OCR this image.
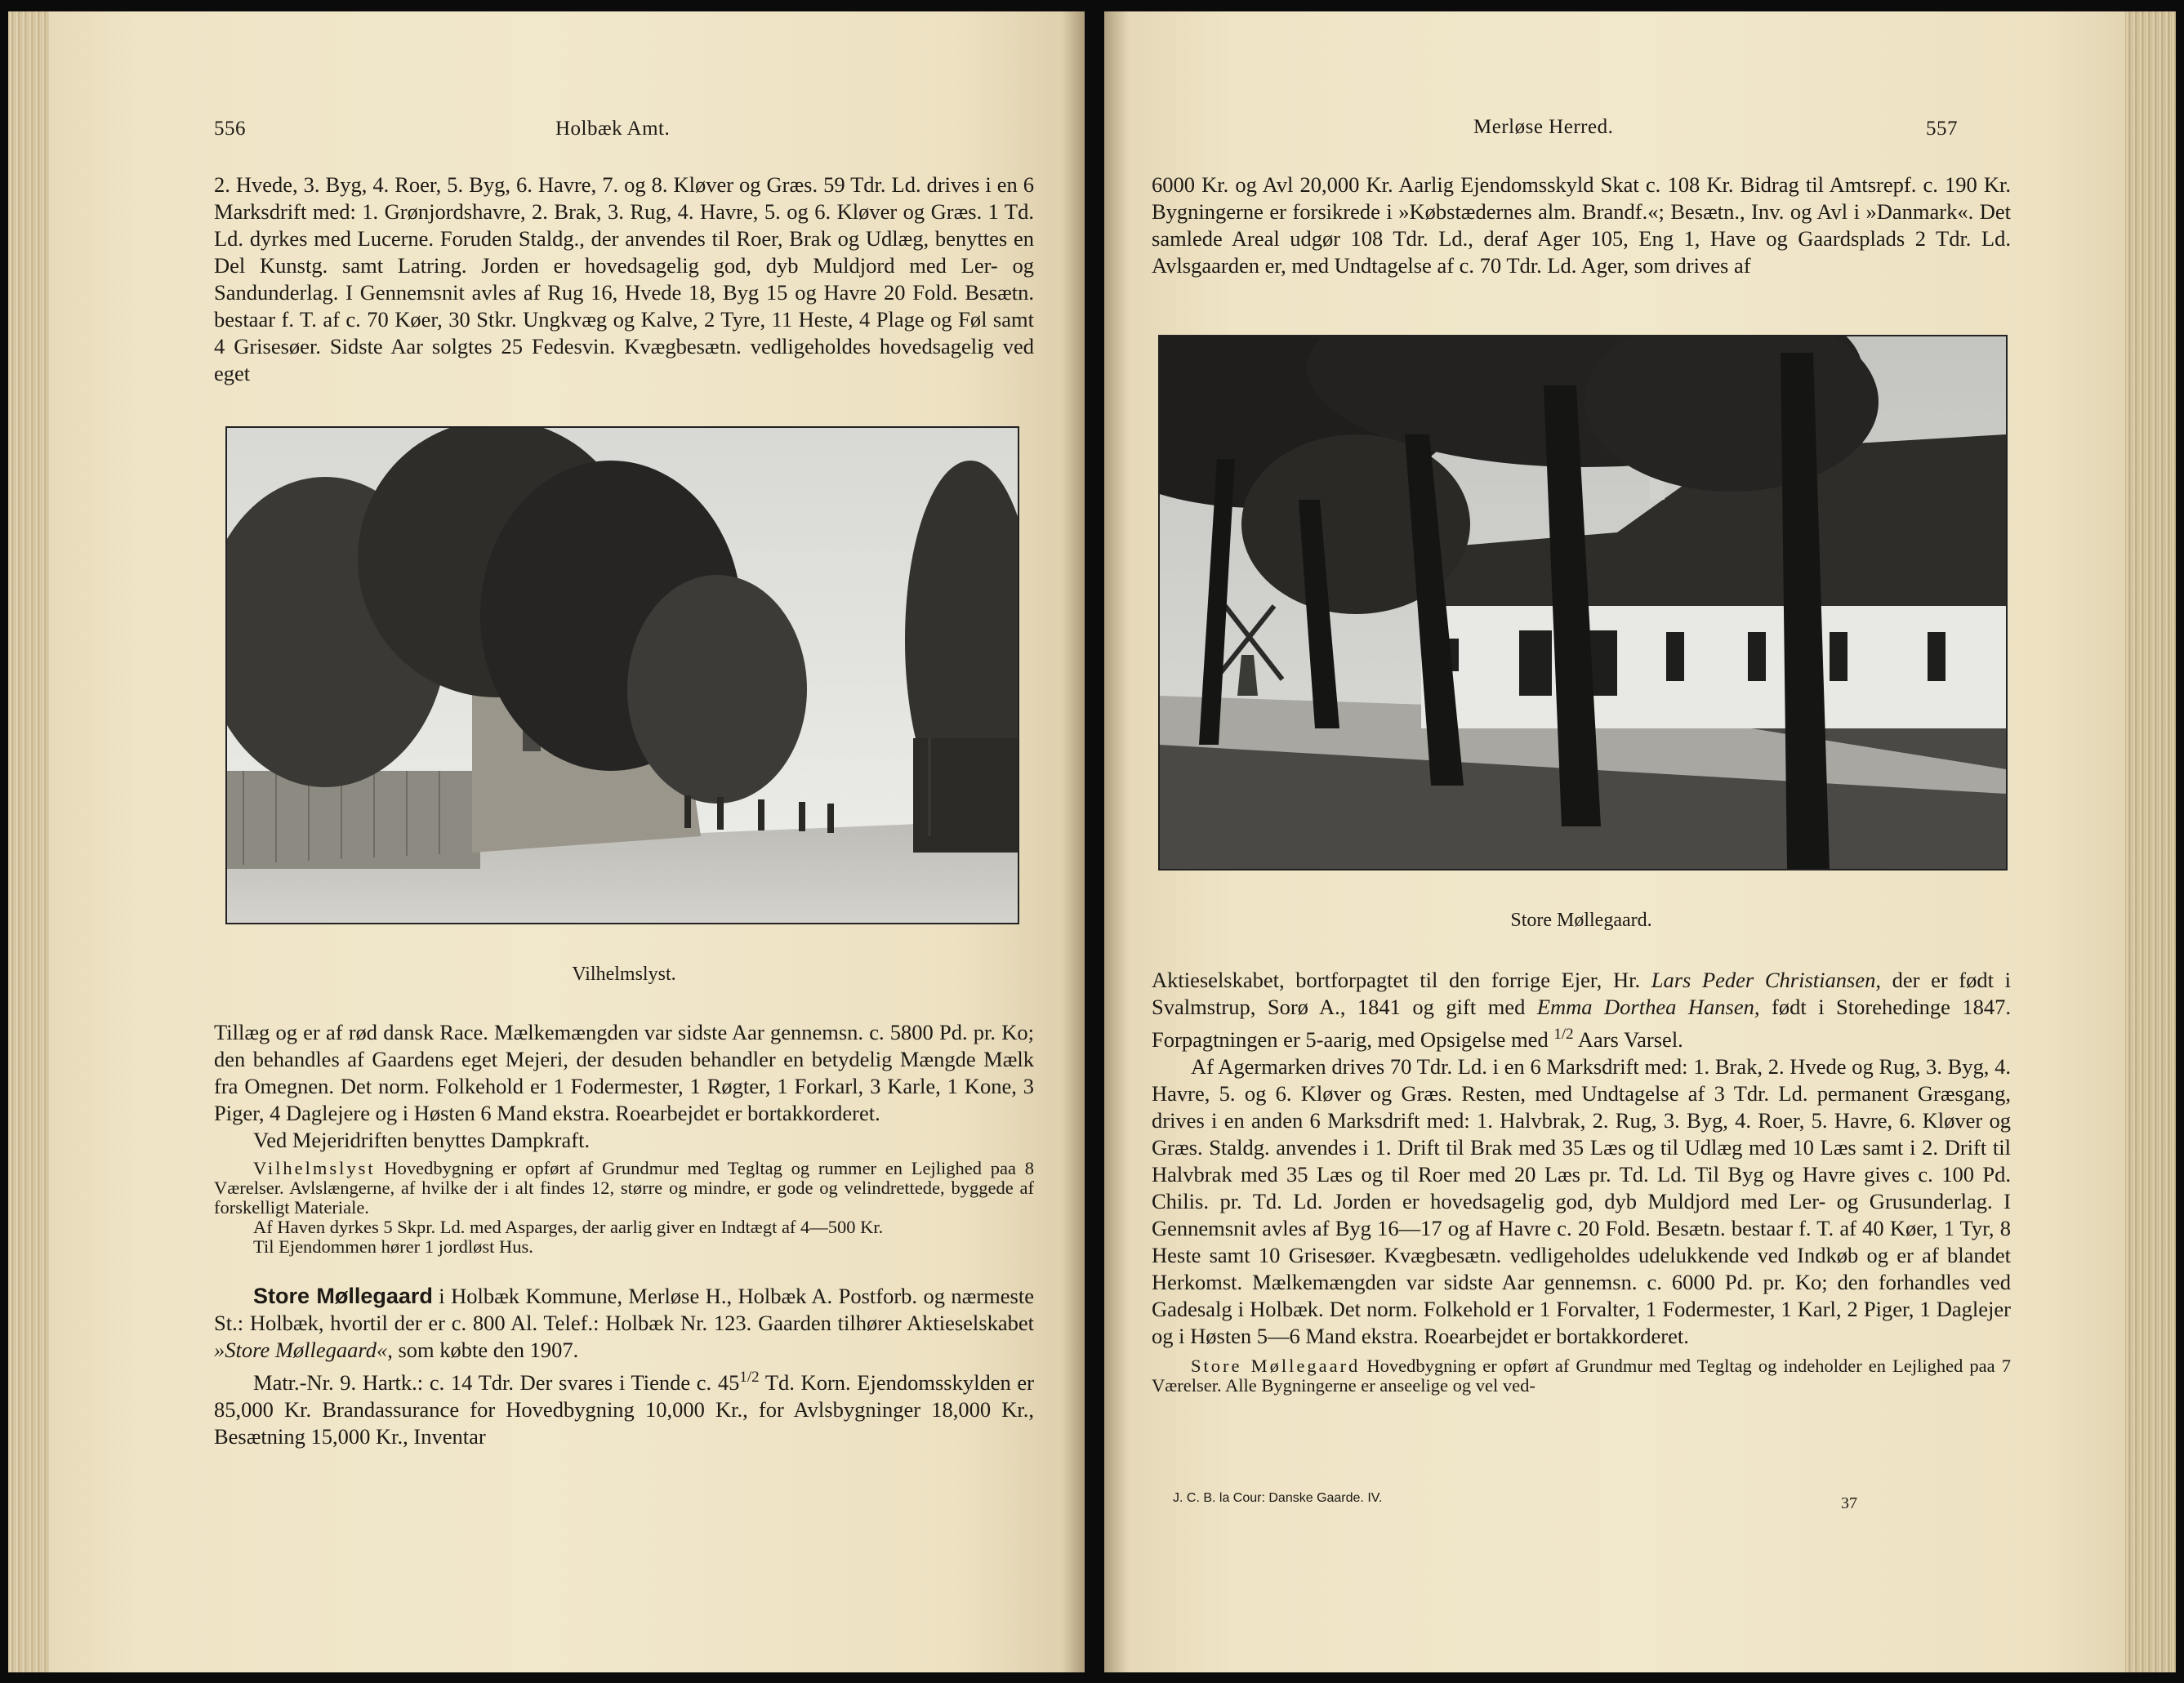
556	Holbæk Amt.

2. Hvede, 3. Byg, 4. Roer, 5. Byg, 6. Havre, 7. og 8. Kløver og Græs. 59 Tdr. Ld. drives i en 6 Marksdrift med: 1. Grønjordshavre, 2. Brak, 3. Rug, 4. Havre, 5. og 6. Kløver og Græs. 1 Td. Ld. dyrkes med Lucerne. Foruden Staldg., der anvendes til Roer, Brak og Udlæg, benyttes en Del Kunstg. samt Latring. Jorden er hovedsagelig god, dyb Muldjord med Ler- og Sandunderlag. I Gennemsnit avles af Rug 16, Hvede 18, Byg 15 og Havre 20 Fold. Besætn. bestaar f. T. af c. 70 Køer, 30 Stkr. Ungkvæg og Kalve, 2 Tyre, 11 Heste, 4 Plage og Føl samt 4 Grisesøer. Sidste Aar solgtes 25 Fedesvin. Kvægbesætn. vedligeholdes hovedsagelig ved eget

Vilhelmslyst.

Tillæg og er af rød dansk Race. Mælkemængden var sidste Aar gennemsn. c. 5800 Pd. pr. Ko; den behandles af Gaardens eget Mejeri, der desuden behandler en betydelig Mængde Mælk fra Omegnen. Det norm. Folkehold er 1 Fodermester, 1 Røgter, 1 Forkarl, 3 Karle, 1 Kone, 3 Piger, 4 Daglejere og i Høsten 6 Mand ekstra. Roearbejdet er bortakkorderet.

Ved Mejeridriften benyttes Dampkraft.

Vilhelmslyst Hovedbygning er opført af Grundmur med Tegltag og rummer en Lejlighed paa 8 Værelser. Avlslængerne, af hvilke der i alt findes 12, større og mindre, er gode og velindrettede, byggede af forskelligt Materiale.

Af Haven dyrkes 5 Skpr. Ld. med Asparges, der aarlig giver en Indtægt af 4—500 Kr.

Til Ejendommen hører 1 jordløst Hus.

Store Møllegaard i Holbæk Kommune, Merløse H., Holbæk A. Postforb. og nærmeste St.: Holbæk, hvortil der er c. 800 Al. Telef.: Holbæk Nr. 123. Gaarden tilhører Aktieselskabet »Store Møllegaard«, som købte den 1907.

Matr.-Nr. 9. Hartk.: c. 14 Tdr. Der svares i Tiende c. $45^{1/2}$ Td. Korn. Ejendomsskylden er 85,000 Kr. Brandassurance for Hovedbygning 10,000 Kr., for Avlsbygninger 18,000 Kr., Besætning 15,000 Kr., Inventar

Merløse Herred.	557

6000 Kr. og Avl 20,000 Kr. Aarlig Ejendomsskyld Skat c. 108 Kr. Bidrag til Amtsrepf. c. 190 Kr. Bygningerne er forsikrede i »Købstædernes alm. Brandf.«; Besætn., Inv. og Avl i »Danmark«. Det samlede Areal udgør 108 Tdr. Ld., deraf Ager 105, Eng 1, Have og Gaardsplads 2 Tdr. Ld. Avlsgaarden er, med Undtagelse af c. 70 Tdr. Ld. Ager, som drives af

Store Møllegaard.

Aktieselskabet, bortforpagtet til den forrige Ejer, Hr. Lars Peder Christiansen, der er født i Svalmstrup, Sorø A., 1841 og gift med Emma Dorthea Hansen, født i Storehedinge 1847. Forpagtningen er 5-aarig, med Opsigelse med $^{1/2}$ Aars Varsel.

Af Agermarken drives 70 Tdr. Ld. i en 6 Marksdrift med: 1. Brak, 2. Hvede og Rug, 3. Byg, 4. Havre, 5. og 6. Kløver og Græs. Resten, med Undtagelse af 3 Tdr. Ld. permanent Græsgang, drives i en anden 6 Marksdrift med: 1. Halvbrak, 2. Rug, 3. Byg, 4. Roer, 5. Havre, 6. Kløver og Græs. Staldg. anvendes i 1. Drift til Brak med 35 Læs og til Udlæg med 10 Læs samt i 2. Drift til Halvbrak med 35 Læs og til Roer med 20 Læs pr. Td. Ld. Til Byg og Havre gives c. 100 Pd. Chilis. pr. Td. Ld. Jorden er hovedsagelig god, dyb Muldjord med Ler- og Grusunderlag. I Gennemsnit avles af Byg 16—17 og af Havre c. 20 Fold. Besætn. bestaar f. T. af 40 Køer, 1 Tyr, 8 Heste samt 10 Grisesøer. Kvægbesætn. vedligeholdes udelukkende ved Indkøb og er af blandet Herkomst. Mælkemængden var sidste Aar gennemsn. c. 6000 Pd. pr. Ko; den forhandles ved Gadesalg i Holbæk. Det norm. Folkehold er 1 Forvalter, 1 Fodermester, 1 Karl, 2 Piger, 1 Daglejer og i Høsten 5—6 Mand ekstra. Roearbejdet er bortakkorderet.

Store Møllegaard Hovedbygning er opført af Grundmur med Tegltag og indeholder en Lejlighed paa 7 Værelser. Alle Bygningerne er anseelige og vel ved-

J. C. B. la Cour: Danske Gaarde. IV.	37
